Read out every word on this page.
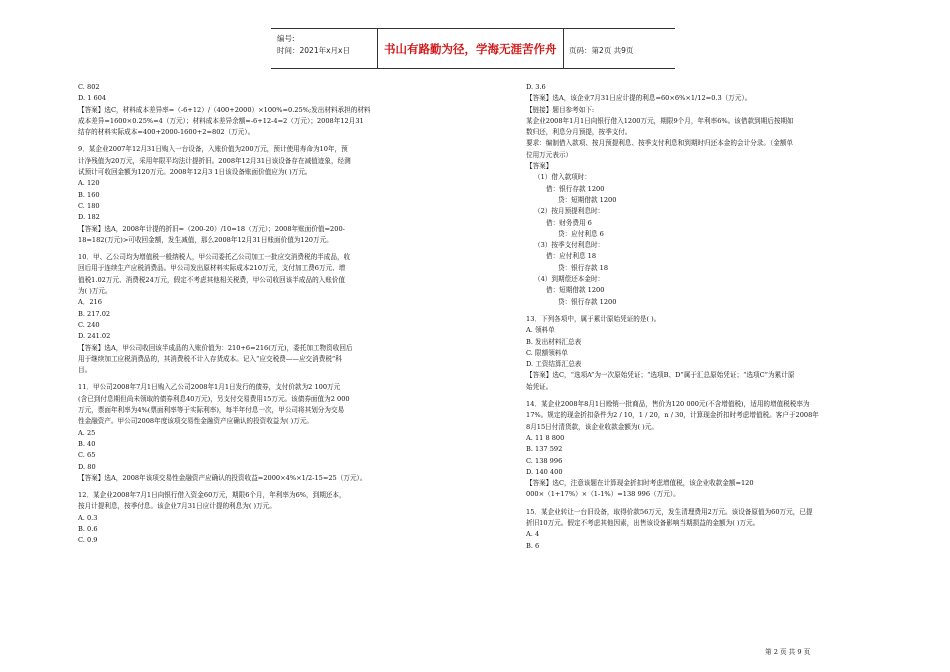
编号:
时间：2021年x月x日	书山有路勤为径，学海无涯苦作舟 页码：第2页 共9页
C. 802
D. 1 604
【答案】选C，材料成本差异率=（-6+12）/（400+2000）×100%=0.25%;发出材料承担的材料
成本差异=1600×0.25%=4（万元）；材料成本差异余额=-6+12-4=2（万元）；2008年12月31
结存的材料实际成本=400+2000-1600+2=802（万元）。
9．某企业2007年12月31日购入一台设备，入账价值为200万元，预计使用寿命为10年，预
计净残值为20万元，采用年限平均法计提折旧。2008年12月31日该设备存在减值迹象，经测
试预计可收回金额为120万元。2008年12月3 1日该设备账面价值应为( )万元。
A. 120
B. 160
C. 180
D. 182
【答案】选A，2008年计提的折旧=（200-20）/10=18（万元）；2008年账面价值=200-
18=182(万元)>可收回金额，发生减值，那么2008年12月31日账面价值为120万元。
10．甲、乙公司均为增值税一般纳税人，甲公司委托乙公司加工一批应交消费税的半成品，收
回后用于连续生产应税消费品。甲公司发出原材料实际成本210万元，支付加工费6万元、增
值税1.02万元、消费税24万元，假定不考虑其他相关税费，甲公司收回该半成品的入账价值
为( )万元。
A．216
B. 217.02
C. 240
D. 241.02
【答案】选A，甲公司收回该半成品的入账价值为：210+6=216(万元)，委托加工物资收回后
用于继续加工应税消费品的，其消费税不计入存货成本。记入“应交税费——应交消费税”科
目。
11．甲公司2008年7月1日购入乙公司2008年1月1日发行的债券，支付价款为2 100万元
(含已到付息期但尚未领取的债券利息40万元)，另支付交易费用15万元。该债券面值为2 000
万元，票面年利率为4%(票面利率等于实际利率)，每半年付息一次，甲公司将其划分为交易
性金融资产。甲公司2008年度该项交易性金融资产应确认的投资收益为( )万元。
A. 25
B. 40
C. 65
D. 80
【答案】选A，2008年该项交易性金融资产应确认的投资收益=2000×4%×1/2-15=25（万元）。
12．某企业2008年7月1日向银行借入资金60万元，期限6个月，年利率为6%，到期还本，
按月计提利息，按季付息。该企业7月31日应计提的利息为( )万元。
A. 0.3
B. 0.6
C. 0.9
D. 3.6
【答案】选A，该企业7月31日应计提的利息=60×6%×1/12=0.3（万元）。
【链接】题目参考如下:
某企业2008年1月1日向银行借入1200万元，期限9个月，年利率6%。该借款到期后按期如
数归还，利息分月预提，按季支付。
要求：编制借入款项、按月预提利息、按季支付利息和到期时归还本金的会计分录。（金额单
位用万元表示）
【答案】
（1）借入款项时：
借：银行存款 1200
贷：短期借款 1200
（2）按月预提利息时：
借：财务费用 6
贷：应付利息 6
（3）按季支付利息时：
借：应付利息 18
贷：银行存款 18
（4）到期偿还本金时：
借：短期借款 1200
贷：银行存款 1200
13．下列各项中，属于累计原始凭证的是( )。
A. 领料单
B. 发出材料汇总表
C. 限额领料单
D. 工资结算汇总表
【答案】选C，“选项A”为一次原始凭证；“选项B、D”属于汇总原始凭证；“选项C”为累计原
始凭证。
14．某企业2008年8月1日赊销一批商品，售价为120 000元(不含增值税)，适用的增值税税率为
17%。规定的现金折扣条件为2 / 10，1 / 20，n / 30，计算现金折扣时考虑增值税。客户于2008年
8月15日付清货款，该企业收款金额为( )元。
A. 11 8 800
B. 137 592
C. 138 996
D. 140 400
【答案】选C，注意该题在计算现金折扣时考虑增值税，该企业收款金额=120
000×（1+17%）×（1-1%）=138 996（万元）。
15．某企业转让一台旧设备，取得价款56万元，发生清理费用2万元。该设备原值为60万元，已提
折旧10万元。假定不考虑其他因素，出售该设备影响当期损益的金额为( )万元。
A. 4
B. 6
第 2 页 共 9 页
